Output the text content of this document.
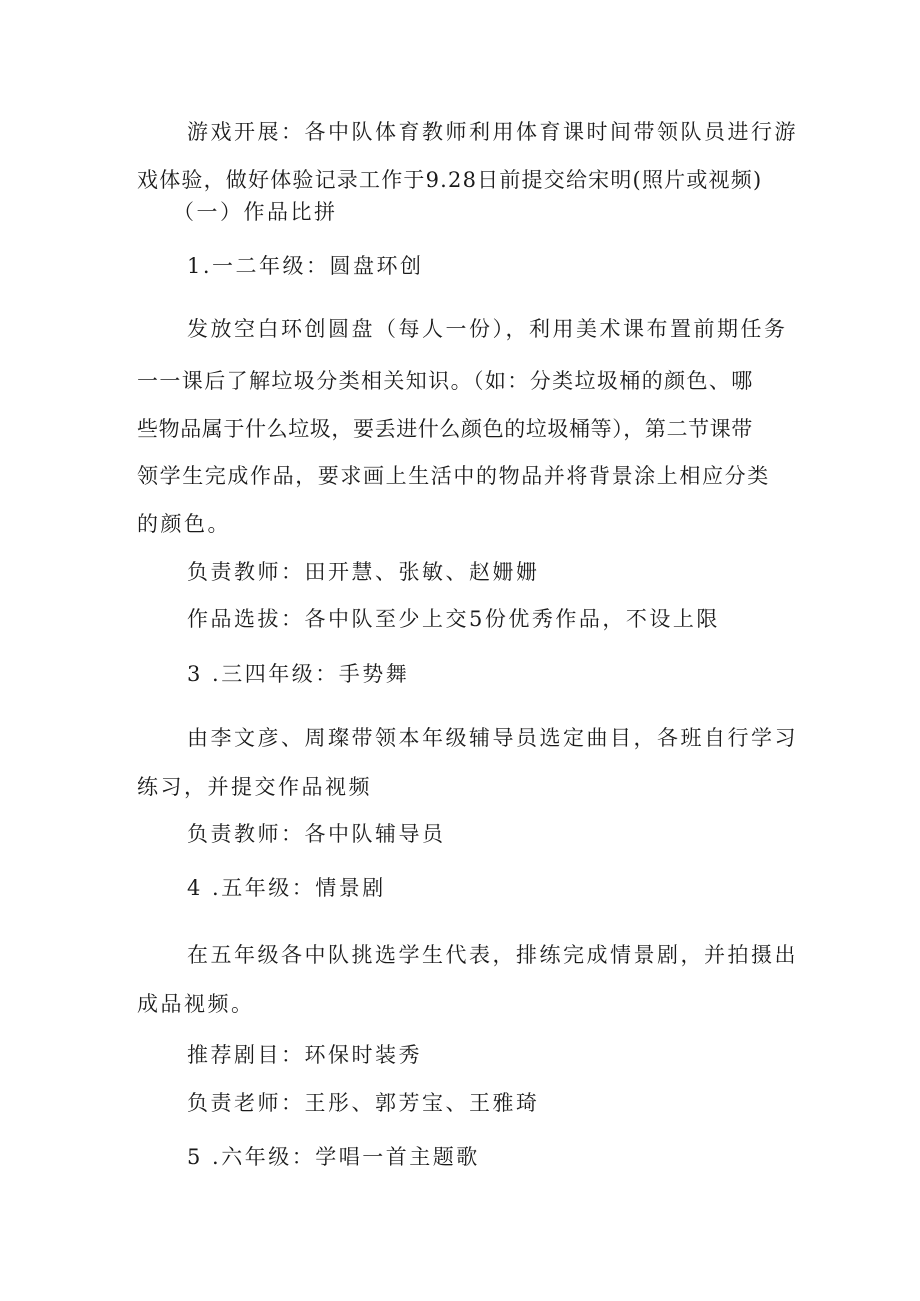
游戏开展：各中队体育教师利用体育课时间带领队员进行游

戏体验，做好体验记录工作于9.28日前提交给宋明(照片或视频)

（一）作品比拼

1.一二年级：圆盘环创

发放空白环创圆盘（每人一份），利用美术课布置前期任务

一一课后了解垃圾分类相关知识。（如：分类垃圾桶的颜色、哪

些物品属于什么垃圾，要丢进什么颜色的垃圾桶等），第二节课带

领学生完成作品，要求画上生活中的物品并将背景涂上相应分类

的颜色。

负责教师：田开慧、张敏、赵姗姗

作品选拔：各中队至少上交5份优秀作品，不设上限

3 .三四年级：手势舞

由李文彦、周璨带领本年级辅导员选定曲目，各班自行学习

练习，并提交作品视频

负责教师：各中队辅导员

4 .五年级：情景剧

在五年级各中队挑选学生代表，排练完成情景剧，并拍摄出

成品视频。

推荐剧目：环保时装秀

负责老师：王彤、郭芳宝、王雅琦

5 .六年级：学唱一首主题歌
